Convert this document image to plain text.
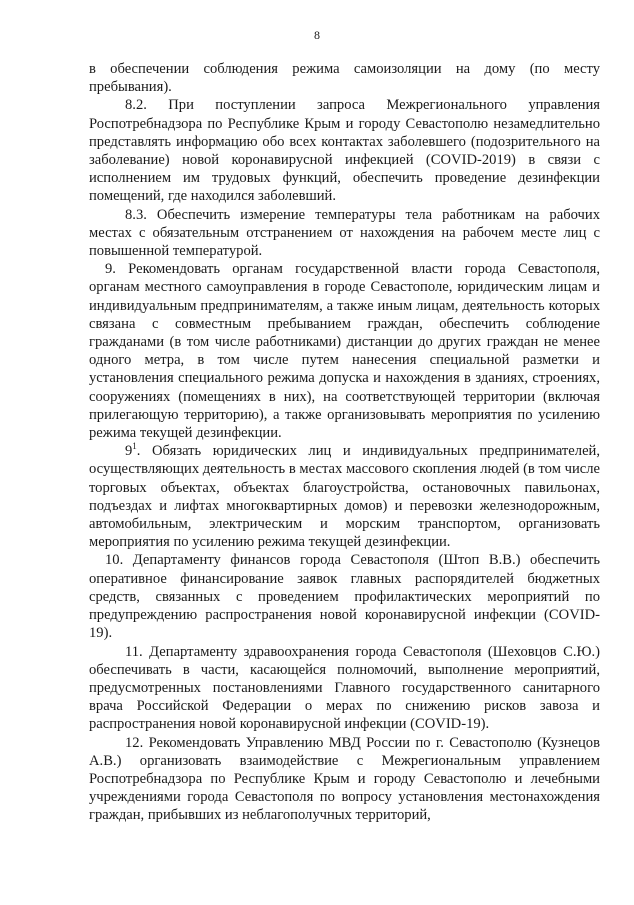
8

в обеспечении соблюдения режима самоизоляции на дому (по месту пребывания).

8.2. При поступлении запроса Межрегионального управления Роспотребнадзора по Республике Крым и городу Севастополю незамедлительно представлять информацию обо всех контактах заболевшего (подозрительного на заболевание) новой коронавирусной инфекцией (COVID-2019) в связи с исполнением им трудовых функций, обеспечить проведение дезинфекции помещений, где находился заболевший.

8.3. Обеспечить измерение температуры тела работникам на рабочих местах с обязательным отстранением от нахождения на рабочем месте лиц с повышенной температурой.

9. Рекомендовать органам государственной власти города Севастополя, органам местного самоуправления в городе Севастополе, юридическим лицам и индивидуальным предпринимателям, а также иным лицам, деятельность которых связана с совместным пребыванием граждан, обеспечить соблюдение гражданами (в том числе работниками) дистанции до других граждан не менее одного метра, в том числе путем нанесения специальной разметки и установления специального режима допуска и нахождения в зданиях, строениях, сооружениях (помещениях в них), на соответствующей территории (включая прилегающую территорию), а также организовывать мероприятия по усилению режима текущей дезинфекции.

$9^1$. Обязать юридических лиц и индивидуальных предпринимателей, осуществляющих деятельность в местах массового скопления людей (в том числе торговых объектах, объектах благоустройства, остановочных павильонах, подъездах и лифтах многоквартирных домов) и перевозки железнодорожным, автомобильным, электрическим и морским транспортом, организовать мероприятия по усилению режима текущей дезинфекции.

10. Департаменту финансов города Севастополя (Штоп В.В.) обеспечить оперативное финансирование заявок главных распорядителей бюджетных средств, связанных с проведением профилактических мероприятий по предупреждению распространения новой коронавирусной инфекции (COVID-19).

11. Департаменту здравоохранения города Севастополя (Шеховцов С.Ю.) обеспечивать в части, касающейся полномочий, выполнение мероприятий, предусмотренных постановлениями Главного государственного санитарного врача Российской Федерации о мерах по снижению рисков завоза и распространения новой коронавирусной инфекции (COVID-19).

12. Рекомендовать Управлению МВД России по г. Севастополю (Кузнецов А.В.) организовать взаимодействие с Межрегиональным управлением Роспотребнадзора по Республике Крым и городу Севастополю и лечебными учреждениями города Севастополя по вопросу установления местонахождения граждан, прибывших из неблагополучных территорий,
